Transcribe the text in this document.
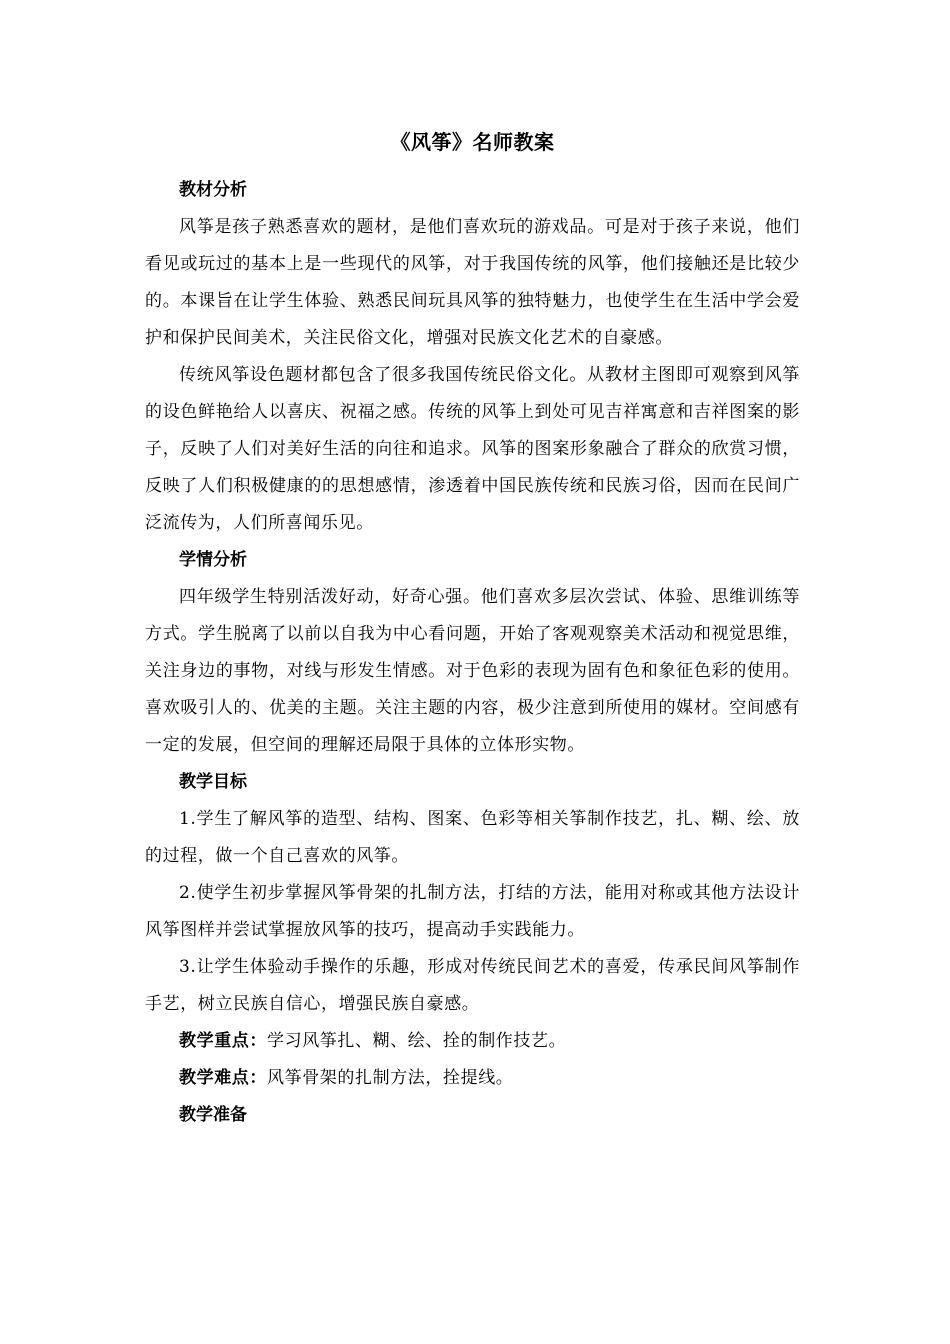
《风筝》名师教案
教材分析

风筝是孩子熟悉喜欢的题材，是他们喜欢玩的游戏品。可是对于孩子来说，他们看见或玩过的基本上是一些现代的风筝，对于我国传统的风筝，他们接触还是比较少的。本课旨在让学生体验、熟悉民间玩具风筝的独特魅力，也使学生在生活中学会爱护和保护民间美术，关注民俗文化，增强对民族文化艺术的自豪感。

传统风筝设色题材都包含了很多我国传统民俗文化。从教材主图即可观察到风筝的设色鲜艳给人以喜庆、祝福之感。传统的风筝上到处可见吉祥寓意和吉祥图案的影子，反映了人们对美好生活的向往和追求。风筝的图案形象融合了群众的欣赏习惯，反映了人们积极健康的的思想感情，渗透着中国民族传统和民族习俗，因而在民间广泛流传为，人们所喜闻乐见。

学情分析

四年级学生特别活泼好动，好奇心强。他们喜欢多层次尝试、体验、思维训练等方式。学生脱离了以前以自我为中心看问题，开始了客观观察美术活动和视觉思维，关注身边的事物，对线与形发生情感。对于色彩的表现为固有色和象征色彩的使用。喜欢吸引人的、优美的主题。关注主题的内容，极少注意到所使用的媒材。空间感有一定的发展，但空间的理解还局限于具体的立体形实物。

教学目标

1.学生了解风筝的造型、结构、图案、色彩等相关筝制作技艺，扎、糊、绘、放的过程，做一个自己喜欢的风筝。

2.使学生初步掌握风筝骨架的扎制方法，打结的方法，能用对称或其他方法设计风筝图样并尝试掌握放风筝的技巧，提高动手实践能力。

3.让学生体验动手操作的乐趣，形成对传统民间艺术的喜爱，传承民间风筝制作手艺，树立民族自信心，增强民族自豪感。

教学重点：学习风筝扎、糊、绘、拴的制作技艺。

教学难点：风筝骨架的扎制方法，拴提线。

教学准备
